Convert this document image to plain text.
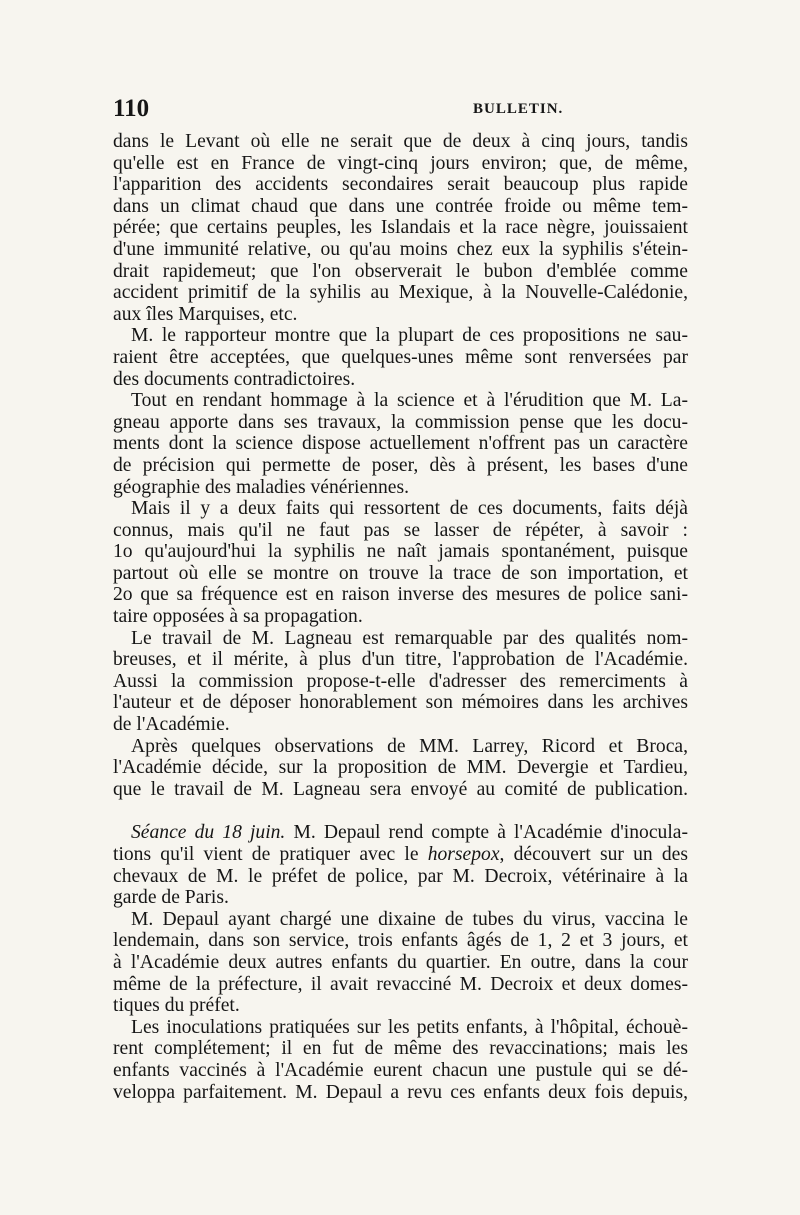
110	BULLETIN.
dans le Levant où elle ne serait que de deux à cinq jours, tandis
qu'elle est en France de vingt-cinq jours environ; que, de même,
l'apparition des accidents secondaires serait beaucoup plus rapide
dans un climat chaud que dans une contrée froide ou même tem-
pérée; que certains peuples, les Islandais et la race nègre, jouissaient
d'une immunité relative, ou qu'au moins chez eux la syphilis s'étein-
drait rapidemeut; que l'on observerait le bubon d'emblée comme
accident primitif de la syhilis au Mexique, à la Nouvelle-Calédonie,
aux îles Marquises, etc.
M. le rapporteur montre que la plupart de ces propositions ne sau-
raient être acceptées, que quelques-unes même sont renversées par
des documents contradictoires.
Tout en rendant hommage à la science et à l'érudition que M. La-
gneau apporte dans ses travaux, la commission pense que les docu-
ments dont la science dispose actuellement n'offrent pas un caractère
de précision qui permette de poser, dès à présent, les bases d'une
géographie des maladies vénériennes.
Mais il y a deux faits qui ressortent de ces documents, faits déjà
connus, mais qu'il ne faut pas se lasser de répéter, à savoir :
1o qu'aujourd'hui la syphilis ne naît jamais spontanément, puisque
partout où elle se montre on trouve la trace de son importation, et
2o que sa fréquence est en raison inverse des mesures de police sani-
taire opposées à sa propagation.
Le travail de M. Lagneau est remarquable par des qualités nom-
breuses, et il mérite, à plus d'un titre, l'approbation de l'Académie.
Aussi la commission propose-t-elle d'adresser des remerciments à
l'auteur et de déposer honorablement son mémoires dans les archives
de l'Académie.
Après quelques observations de MM. Larrey, Ricord et Broca,
l'Académie décide, sur la proposition de MM. Devergie et Tardieu,
que le travail de M. Lagneau sera envoyé au comité de publication.
Séance du 18 juin. M. Depaul rend compte à l'Académie d'inocula-
tions qu'il vient de pratiquer avec le horsepox, découvert sur un des
chevaux de M. le préfet de police, par M. Decroix, vétérinaire à la
garde de Paris.
M. Depaul ayant chargé une dixaine de tubes du virus, vaccina le
lendemain, dans son service, trois enfants âgés de 1, 2 et 3 jours, et
à l'Académie deux autres enfants du quartier. En outre, dans la cour
même de la préfecture, il avait revacciné M. Decroix et deux domes-
tiques du préfet.
Les inoculations pratiquées sur les petits enfants, à l'hôpital, échouè-
rent complétement; il en fut de même des revaccinations; mais les
enfants vaccinés à l'Académie eurent chacun une pustule qui se dé-
veloppa parfaitement. M. Depaul a revu ces enfants deux fois depuis,
